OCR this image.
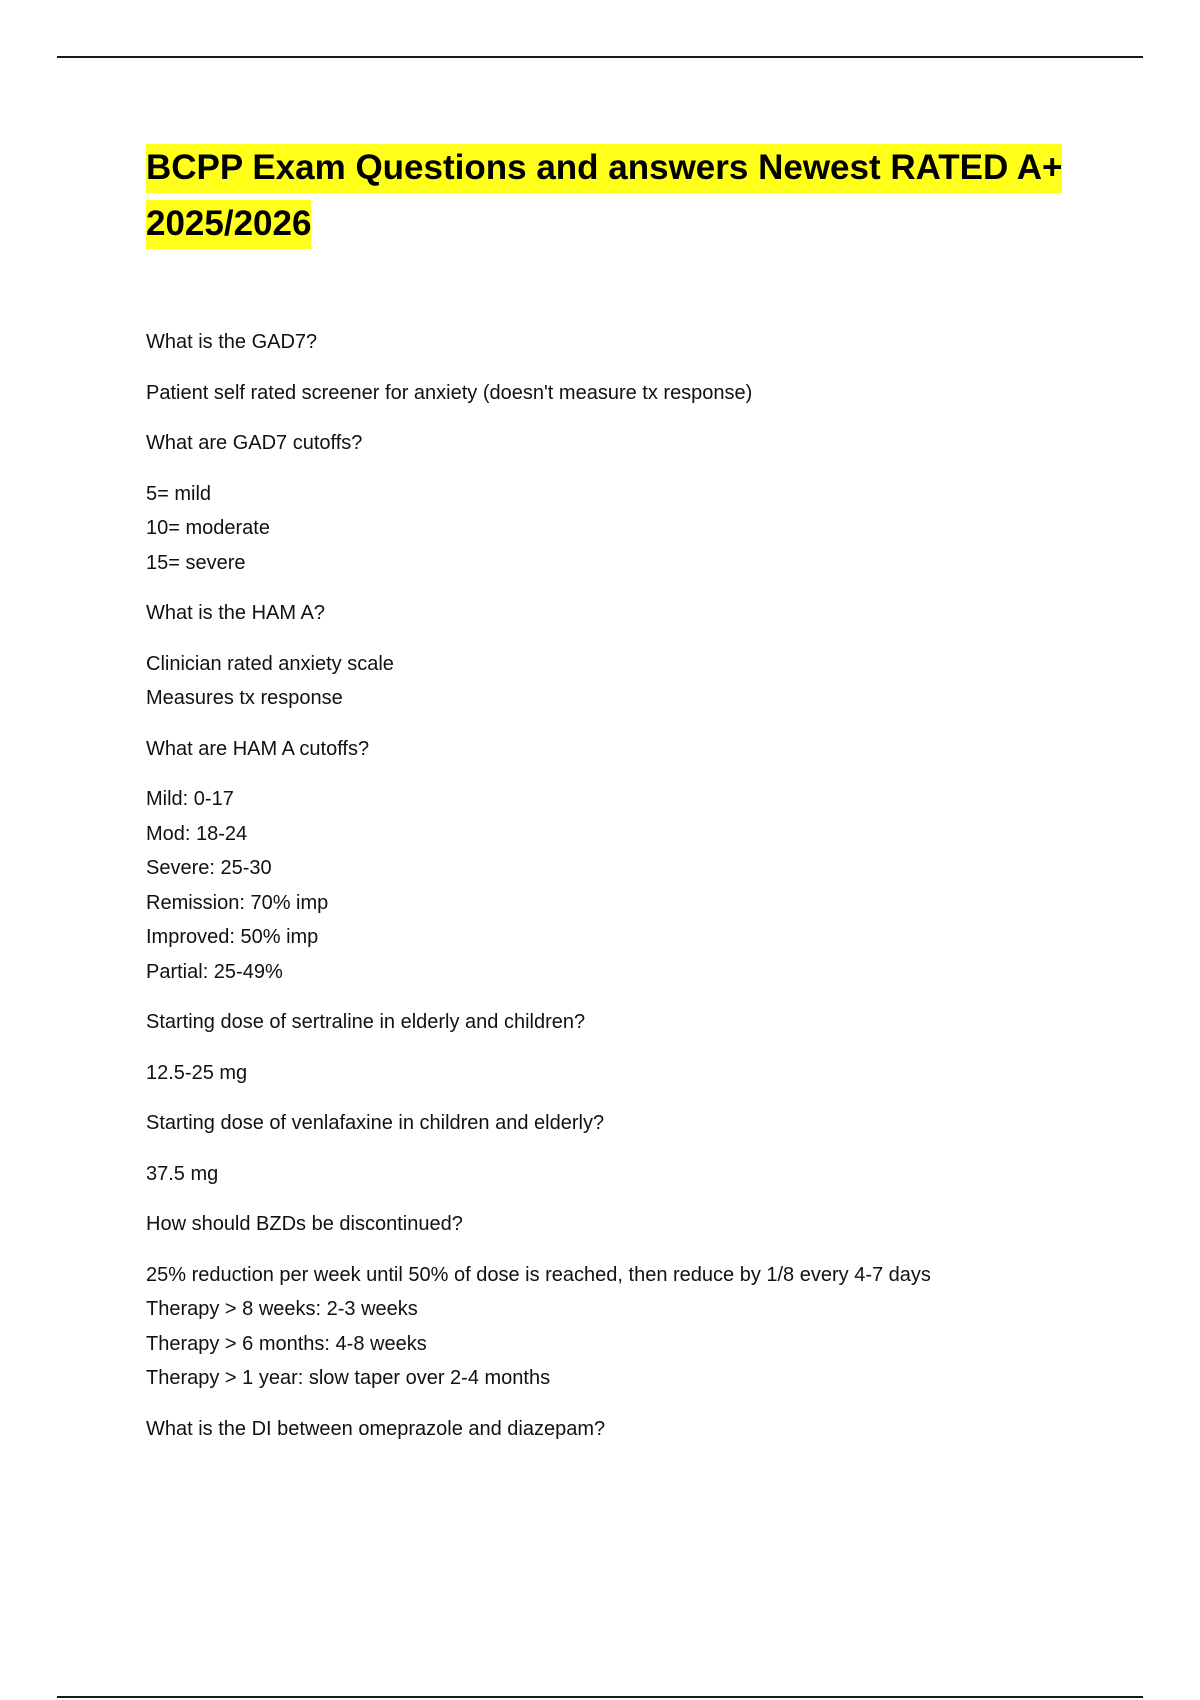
BCPP Exam Questions and answers Newest RATED A+ 2025/2026
What is the GAD7?
Patient self rated screener for anxiety (doesn't measure tx response)
What are GAD7 cutoffs?
5= mild
10= moderate
15= severe
What is the HAM A?
Clinician rated anxiety scale
Measures tx response
What are HAM A cutoffs?
Mild: 0-17
Mod: 18-24
Severe: 25-30
Remission: 70% imp
Improved: 50% imp
Partial: 25-49%
Starting dose of sertraline in elderly and children?
12.5-25 mg
Starting dose of venlafaxine in children and elderly?
37.5 mg
How should BZDs be discontinued?
25% reduction per week until 50% of dose is reached, then reduce by 1/8 every 4-7 days
Therapy > 8 weeks: 2-3 weeks
Therapy > 6 months: 4-8 weeks
Therapy > 1 year: slow taper over 2-4 months
What is the DI between omeprazole and diazepam?
